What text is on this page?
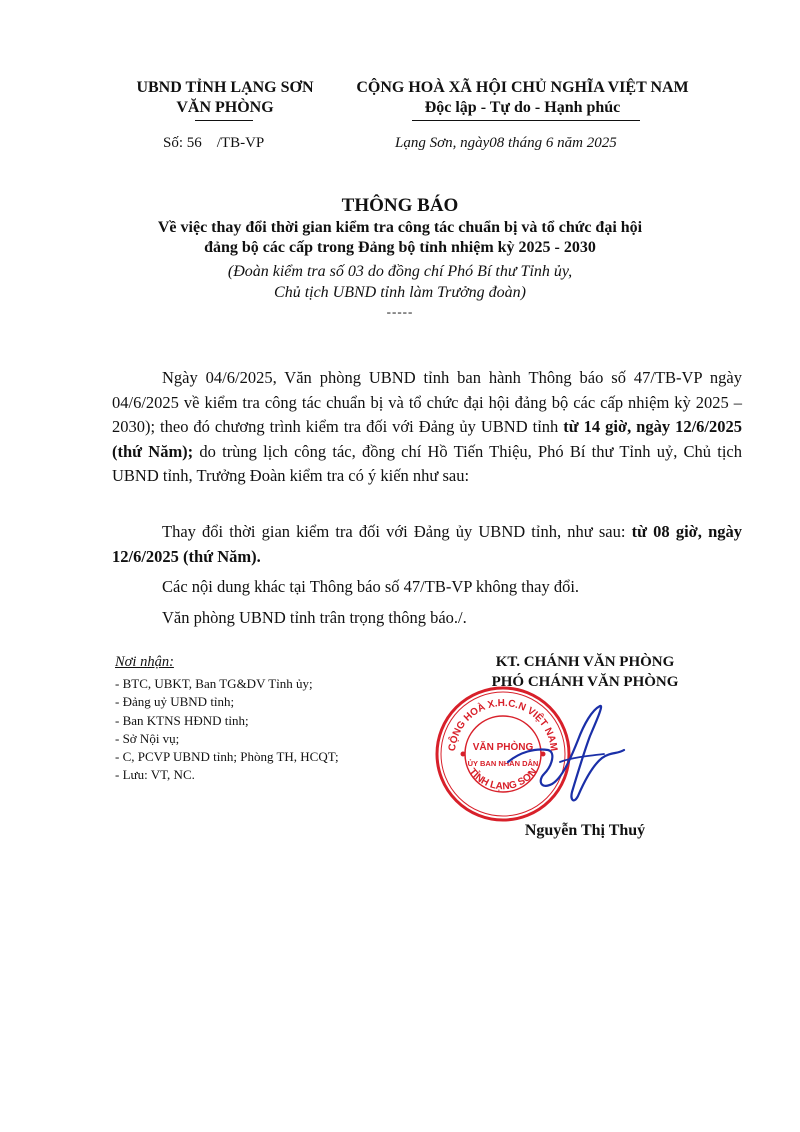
UBND TỈNH LẠNG SƠN
VĂN PHÒNG
CỘNG HOÀ XÃ HỘI CHỦ NGHĨA VIỆT NAM
Độc lập - Tự do - Hạnh phúc
Số: 56    /TB-VP	Lạng Sơn, ngày08 tháng 6 năm 2025
THÔNG BÁO
Về việc thay đổi thời gian kiểm tra công tác chuẩn bị và tổ chức đại hội
đảng bộ các cấp trong Đảng bộ tỉnh nhiệm kỳ 2025 - 2030
(Đoàn kiểm tra số 03 do đồng chí Phó Bí thư Tỉnh ủy,
Chủ tịch UBND tỉnh làm Trưởng đoàn)
-----
Ngày 04/6/2025, Văn phòng UBND tỉnh ban hành Thông báo số 47/TB-VP ngày 04/6/2025 về kiểm tra công tác chuẩn bị và tổ chức đại hội đảng bộ các cấp nhiệm kỳ 2025 – 2030); theo đó chương trình kiểm tra đối với Đảng ủy UBND tỉnh từ 14 giờ, ngày 12/6/2025 (thứ Năm); do trùng lịch công tác, đồng chí Hồ Tiến Thiệu, Phó Bí thư Tỉnh uỷ, Chủ tịch UBND tỉnh, Trưởng Đoàn kiểm tra có ý kiến như sau:
Thay đổi thời gian kiểm tra đối với Đảng ủy UBND tỉnh, như sau: từ 08 giờ, ngày 12/6/2025 (thứ Năm).
Các nội dung khác tại Thông báo số 47/TB-VP không thay đổi.
Văn phòng UBND tỉnh trân trọng thông báo./.
Nơi nhận:
- BTC, UBKT, Ban TG&DV Tỉnh ủy;
- Đảng uỷ UBND tỉnh;
- Ban KTNS HĐND tỉnh;
- Sở Nội vụ;
- C, PCVP UBND tỉnh; Phòng TH, HCQT;
- Lưu: VT, NC.
KT. CHÁNH VĂN PHÒNG
PHÓ CHÁNH VĂN PHÒNG
CỘNG HOÀ X.H.C.N VIỆT NAM
TỈNH LẠNG SƠN
VĂN PHÒNG
ỦY BAN NHÂN DÂN
Nguyễn Thị Thuý
